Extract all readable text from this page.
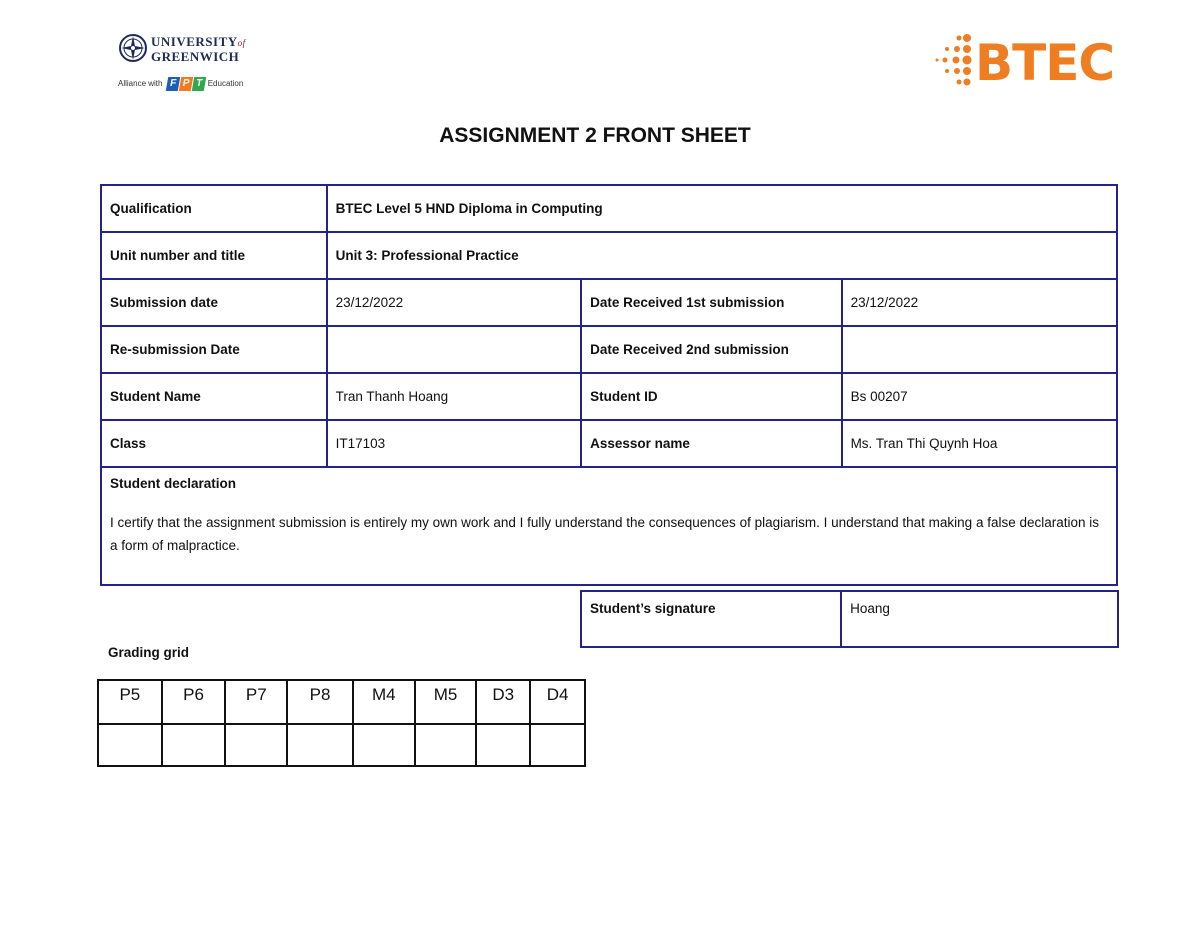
UNIVERSITYof
GREENWICH
Alliance with F P T Education	BTEC
ASSIGNMENT 2 FRONT SHEET
Qualification	BTEC Level 5 HND Diploma in Computing		
Unit number and title	Unit 3: Professional Practice		
Submission date	23/12/2022	Date Received 1st submission	23/12/2022
Re-submission Date		Date Received 2nd submission	
Student Name	Tran Thanh Hoang	Student ID	Bs 00207
Class	IT17103	Assessor name	Ms. Tran Thi Quynh Hoa

Student declaration
I certify that the assignment submission is entirely my own work and I fully understand the consequences of plagiarism. I understand that making a false declaration is a form of malpractice.			
Student’s signature	Hoang
Grading grid
P5	P6	P7	P8	M4	M5	D3	D4
